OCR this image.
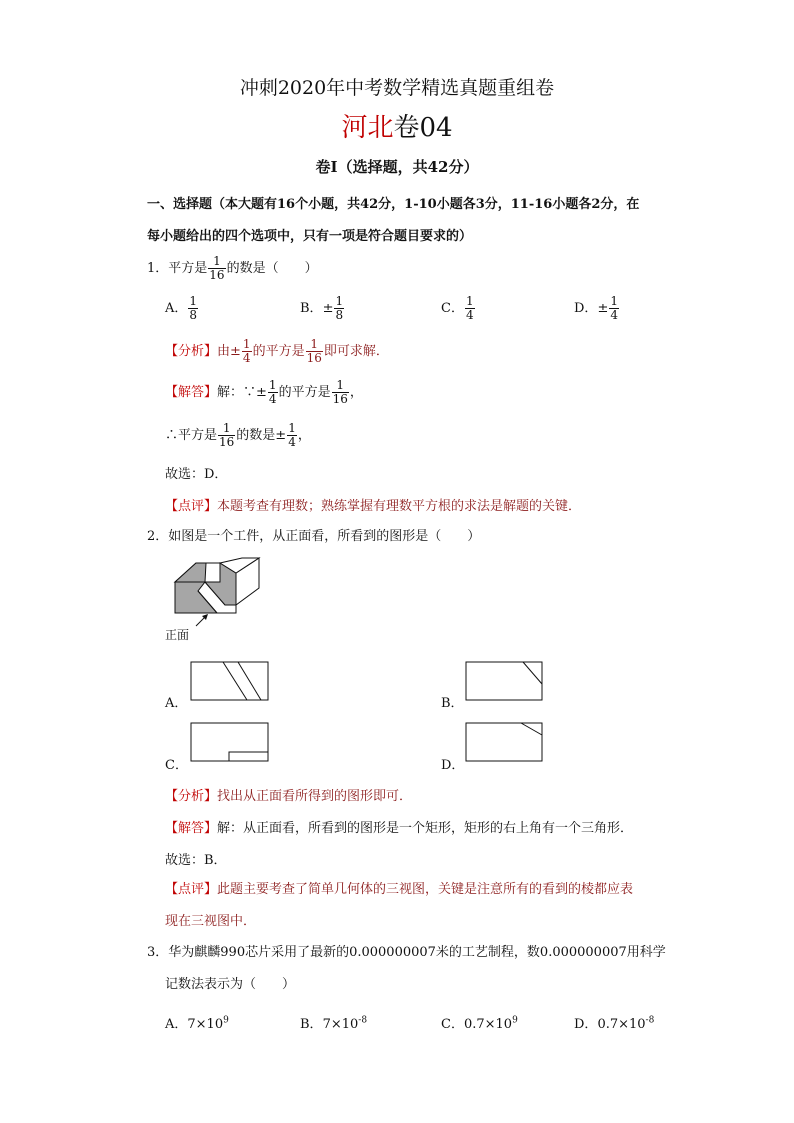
冲刺2020年中考数学精选真题重组卷
河北卷04
卷Ⅰ（选择题，共42分）
一、选择题（本大题有16个小题，共42分，1-10小题各3分，11-16小题各2分，在
每小题给出的四个选项中，只有一项是符合题目要求的）
1．平方是 $\frac{1}{16}$ 的数是（　　）
A． $\frac{1}{8}$	B．± $\frac{1}{8}$	C． $\frac{1}{4}$	D．± $\frac{1}{4}$
【分析】由± $\frac{1}{4}$ 的平方是 $\frac{1}{16}$ 即可求解．
【解答】解：∵± $\frac{1}{4}$ 的平方是 $\frac{1}{16}$ ，
∴平方是 $\frac{1}{16}$ 的数是± $\frac{1}{4}$ ，
故选：D．
【点评】本题考查有理数；熟练掌握有理数平方根的求法是解题的关键．
2．如图是一个工件，从正面看，所看到的图形是（　　）
正面
A．	B．
C．	D．
【分析】找出从正面看所得到的图形即可．
【解答】解：从正面看，所看到的图形是一个矩形，矩形的右上角有一个三角形．
故选：B．
【点评】此题主要考查了简单几何体的三视图，关键是注意所有的看到的棱都应表
现在三视图中．
3．华为麒麟990芯片采用了最新的0.000000007米的工艺制程，数0.000000007用科学
记数法表示为（　　）
A．$7\times 10^9$	B．$7\times 10^{-8}$	C．$0.7\times 10^9$	D．$0.7\times 10^{-8}$
